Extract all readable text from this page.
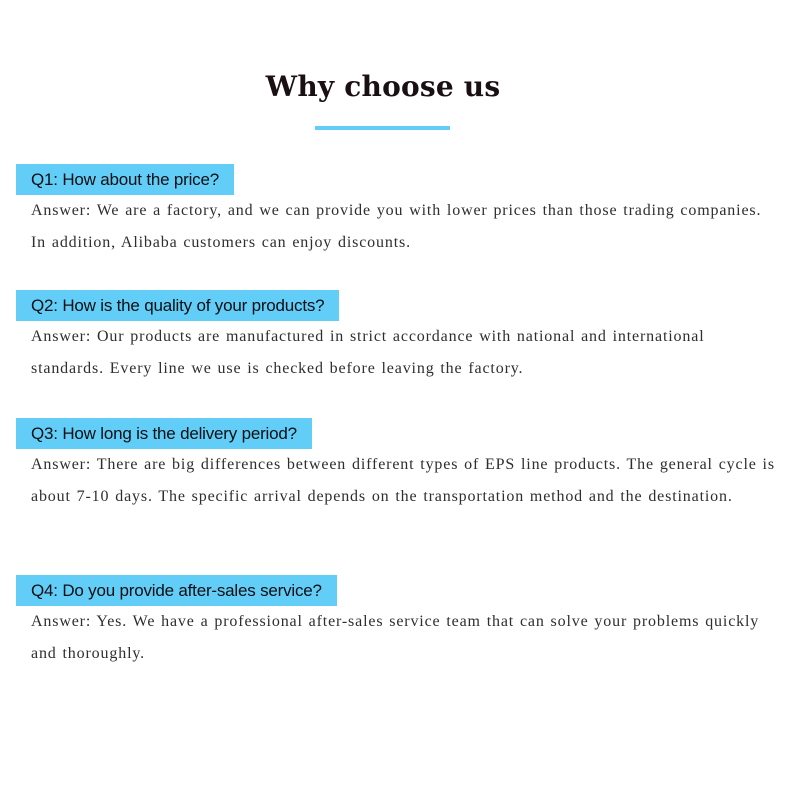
Why choose us
Q1: How about the price?

Answer: We are a factory, and we can provide you with lower prices than those trading companies. In addition, Alibaba customers can enjoy discounts.

Q2: How is the quality of your products?

Answer: Our products are manufactured in strict accordance with national and international standards. Every line we use is checked before leaving the factory.

Q3: How long is the delivery period?

Answer: There are big differences between different types of EPS line products. The general cycle is about 7-10 days. The specific arrival depends on the transportation method and the destination.

Q4: Do you provide after-sales service?

Answer: Yes. We have a professional after-sales service team that can solve your problems quickly and thoroughly.
